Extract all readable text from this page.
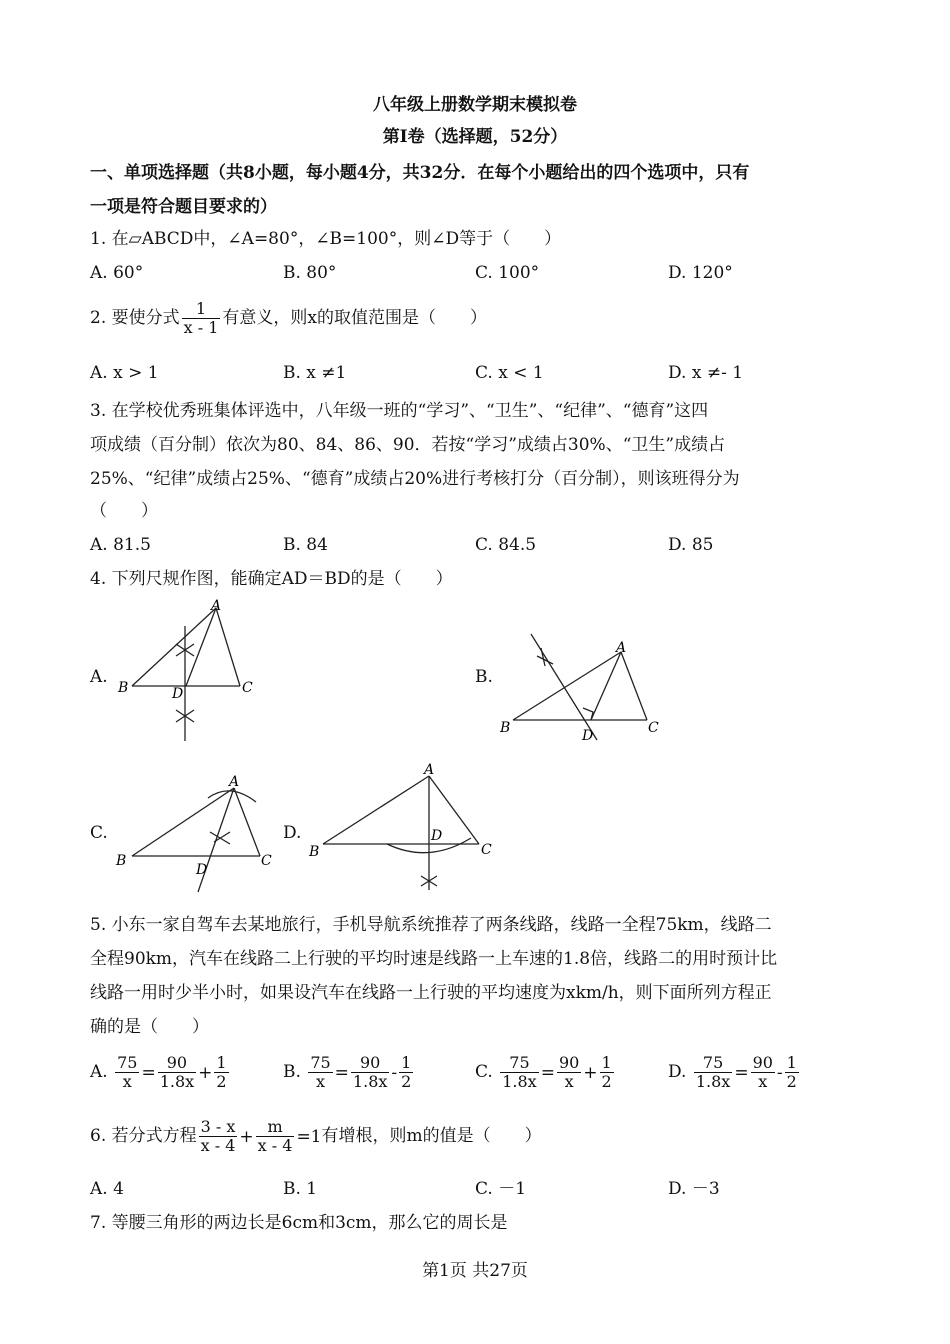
八年级上册数学期末模拟卷
第Ⅰ卷（选择题，52分）
一、单项选择题（共8小题，每小题4分，共32分．在每个小题给出的四个选项中，只有
一项是符合题目要求的）
1. 在▱ABCD中，∠A=80°，∠B=100°，则∠D等于（　　）
A. 60°	B. 80°	C. 100°	D. 120°
2. 要使分式 $\frac{1}{x - 1}$ 有意义，则x的取值范围是（　　）
A. x > 1	B. x ≠1	C. x < 1	D. x ≠- 1
3. 在学校优秀班集体评选中，八年级一班的“学习”、“卫生”、“纪律”、“德育”这四
项成绩（百分制）依次为80、84、86、90．若按“学习”成绩占30%、“卫生”成绩占
25%、“纪律”成绩占25%、“德育”成绩占20%进行考核打分（百分制），则该班得分为
（　　）
A. 81.5	B. 84	C. 84.5	D. 85
4. 下列尺规作图，能确定AD＝BD的是（　　）
A.
A
B	C
D
B.
A
B	C
D
C.
A
B	C
D
D.
A
B	C
D
5. 小东一家自驾车去某地旅行，手机导航系统推荐了两条线路，线路一全程75km，线路二
全程90km，汽车在线路二上行驶的平均时速是线路一上车速的1.8倍，线路二的用时预计比
线路一用时少半小时，如果设汽车在线路一上行驶的平均速度为xkm/h，则下面所列方程正
确的是（　　）
A. $\frac{75}{x} = \frac{90}{1.8x} + \frac{1}{2}$	B. $\frac{75}{x} = \frac{90}{1.8x} - \frac{1}{2}$	C. $\frac{75}{1.8x} = \frac{90}{x} + \frac{1}{2}$	D. $\frac{75}{1.8x} = \frac{90}{x} - \frac{1}{2}$
6. 若分式方程 $\frac{3 - x}{x - 4} + \frac{m}{x - 4} =1$有增根，则m的值是（　　）
A. 4	B. 1	C. －1	D. －3
7. 等腰三角形的两边长是6cm和3cm，那么它的周长是
第1页 共27页
